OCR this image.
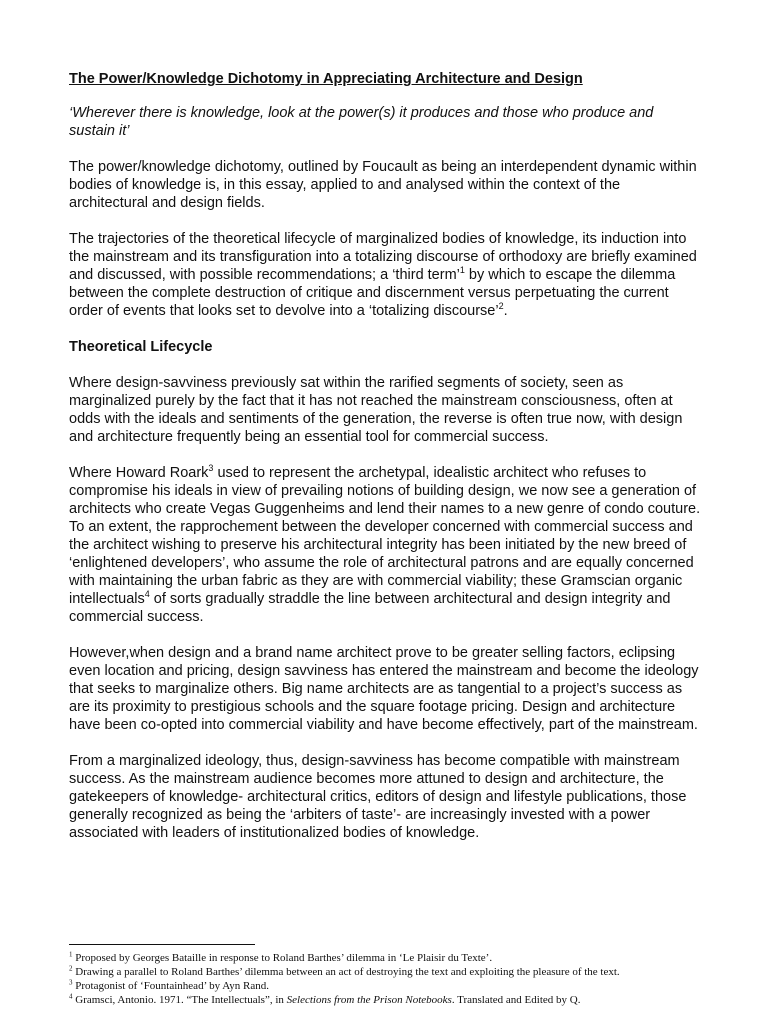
The Power/Knowledge Dichotomy in Appreciating Architecture and Design

‘Wherever there is knowledge, look at the power(s) it produces and those who produce and sustain it’

The power/knowledge dichotomy, outlined by Foucault as being an interdependent dynamic within bodies of knowledge is, in this essay, applied to and analysed within the context of the architectural and design fields.

The trajectories of the theoretical lifecycle of marginalized bodies of knowledge, its induction into the mainstream and its transfiguration into a totalizing discourse of orthodoxy are briefly examined and discussed, with possible recommendations; a ‘third term’$^1$ by which to escape the dilemma between the complete destruction of critique and discernment versus perpetuating the current order of events that looks set to devolve into a ‘totalizing discourse’$^2$.

Theoretical Lifecycle

Where design-savviness previously sat within the rarified segments of society, seen as marginalized purely by the fact that it has not reached the mainstream consciousness, often at odds with the ideals and sentiments of the generation, the reverse is often true now, with design and architecture frequently being an essential tool for commercial success.

Where Howard Roark$^3$ used to represent the archetypal, idealistic architect who refuses to compromise his ideals in view of prevailing notions of building design, we now see a generation of architects who create Vegas Guggenheims and lend their names to a new genre of condo couture. To an extent, the rapprochement between the developer concerned with commercial success and the architect wishing to preserve his architectural integrity has been initiated by the new breed of ‘enlightened developers’, who assume the role of architectural patrons and are equally concerned with maintaining the urban fabric as they are with commercial viability; these Gramscian organic intellectuals$^4$ of sorts gradually straddle the line between architectural and design integrity and commercial success.

However,when design and a brand name architect prove to be greater selling factors, eclipsing even location and pricing, design savviness has entered the mainstream and become the ideology that seeks to marginalize others. Big name architects are as tangential to a project’s success as are its proximity to prestigious schools and the square footage pricing. Design and architecture have been co-opted into commercial viability and have become effectively, part of the mainstream.

From a marginalized ideology, thus, design-savviness has become compatible with mainstream success. As the mainstream audience becomes more attuned to design and architecture, the gatekeepers of knowledge- architectural critics, editors of design and lifestyle publications, those generally recognized as being the ‘arbiters of taste’- are increasingly invested with a power associated with leaders of institutionalized bodies of knowledge.

$^1$ Proposed by Georges Bataille in response to Roland Barthes’ dilemma in ‘Le Plaisir du Texte’.

$^2$ Drawing a parallel to Roland Barthes’ dilemma between an act of destroying the text and exploiting the pleasure of the text.

$^3$ Protagonist of ‘Fountainhead’ by Ayn Rand.

$^4$ Gramsci, Antonio. 1971. “The Intellectuals”, in Selections from the Prison Notebooks. Translated and Edited by Q.
